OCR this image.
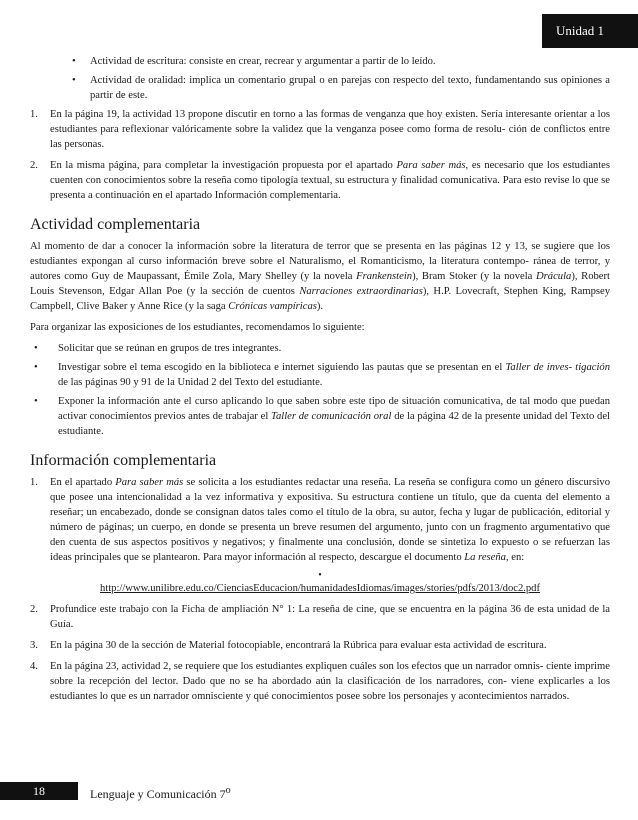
Unidad 1
• Actividad de escritura: consiste en crear, recrear y argumentar a partir de lo leído.
• Actividad de oralidad: implica un comentario grupal o en parejas con respecto del texto, fundamentando sus opiniones a partir de este.
1. En la página 19, la actividad 13 propone discutir en torno a las formas de venganza que hoy existen. Sería interesante orientar a los estudiantes para reflexionar valóricamente sobre la validez que la venganza posee como forma de resolu- ción de conflictos entre las personas.
2. En la misma página, para completar la investigación propuesta por el apartado Para saber más, es necesario que los estudiantes cuenten con conocimientos sobre la reseña como tipología textual, su estructura y finalidad comunicativa. Para esto revise lo que se presenta a continuación en el apartado Información complementaria.
Actividad complementaria

Al momento de dar a conocer la información sobre la literatura de terror que se presenta en las páginas 12 y 13, se sugiere que los estudiantes expongan al curso información breve sobre el Naturalismo, el Romanticismo, la literatura contempo- ránea de terror, y autores como Guy de Maupassant, Émile Zola, Mary Shelley (y la novela Frankenstein), Bram Stoker (y la novela Drácula), Robert Louis Stevenson, Edgar Allan Poe (y la sección de cuentos Narraciones extraordinarias), H.P. Lovecraft, Stephen King, Rampsey Campbell, Clive Baker y Anne Rice (y la saga Crónicas vampíricas).

Para organizar las exposiciones de los estudiantes, recomendamos lo siguiente:

• Solicitar que se reúnan en grupos de tres integrantes.
• Investigar sobre el tema escogido en la biblioteca e internet siguiendo las pautas que se presentan en el Taller de inves- tigación de las páginas 90 y 91 de la Unidad 2 del Texto del estudiante.
• Exponer la información ante el curso aplicando lo que saben sobre este tipo de situación comunicativa, de tal modo que puedan activar conocimientos previos antes de trabajar el Taller de comunicación oral de la página 42 de la presente unidad del Texto del estudiante.
Información complementaria
1. En el apartado Para saber más se solicita a los estudiantes redactar una reseña. La reseña se configura como un género discursivo que posee una intencionalidad a la vez informativa y expositiva. Su estructura contiene un título, que da cuenta del elemento a reseñar; un encabezado, donde se consignan datos tales como el título de la obra, su autor, fecha y lugar de publicación, editorial y número de páginas; un cuerpo, en donde se presenta un breve resumen del argumento, junto con un fragmento argumentativo que den cuenta de sus aspectos positivos y negativos; y finalmente una conclusión, donde se sintetiza lo expuesto o se refuerzan las ideas principales que se plantearon. Para mayor información al respecto, descargue el documento La reseña, en:
•
http://www.unilibre.edu.co/CienciasEducacion/humanidadesIdiomas/images/stories/pdfs/2013/doc2.pdf
2. Profundice este trabajo con la Ficha de ampliación N° 1: La reseña de cine, que se encuentra en la página 36 de esta unidad de la Guía.
3. En la página 30 de la sección de Material fotocopiable, encontrará la Rúbrica para evaluar esta actividad de escritura.
4. En la página 23, actividad 2, se requiere que los estudiantes expliquen cuáles son los efectos que un narrador omnis- ciente imprime sobre la recepción del lector. Dado que no se ha abordado aún la clasificación de los narradores, con- viene explicarles a los estudiantes lo que es un narrador omnisciente y qué conocimientos posee sobre los personajes y acontecimientos narrados.
18	Lenguaje y Comunicación 7$^o$
